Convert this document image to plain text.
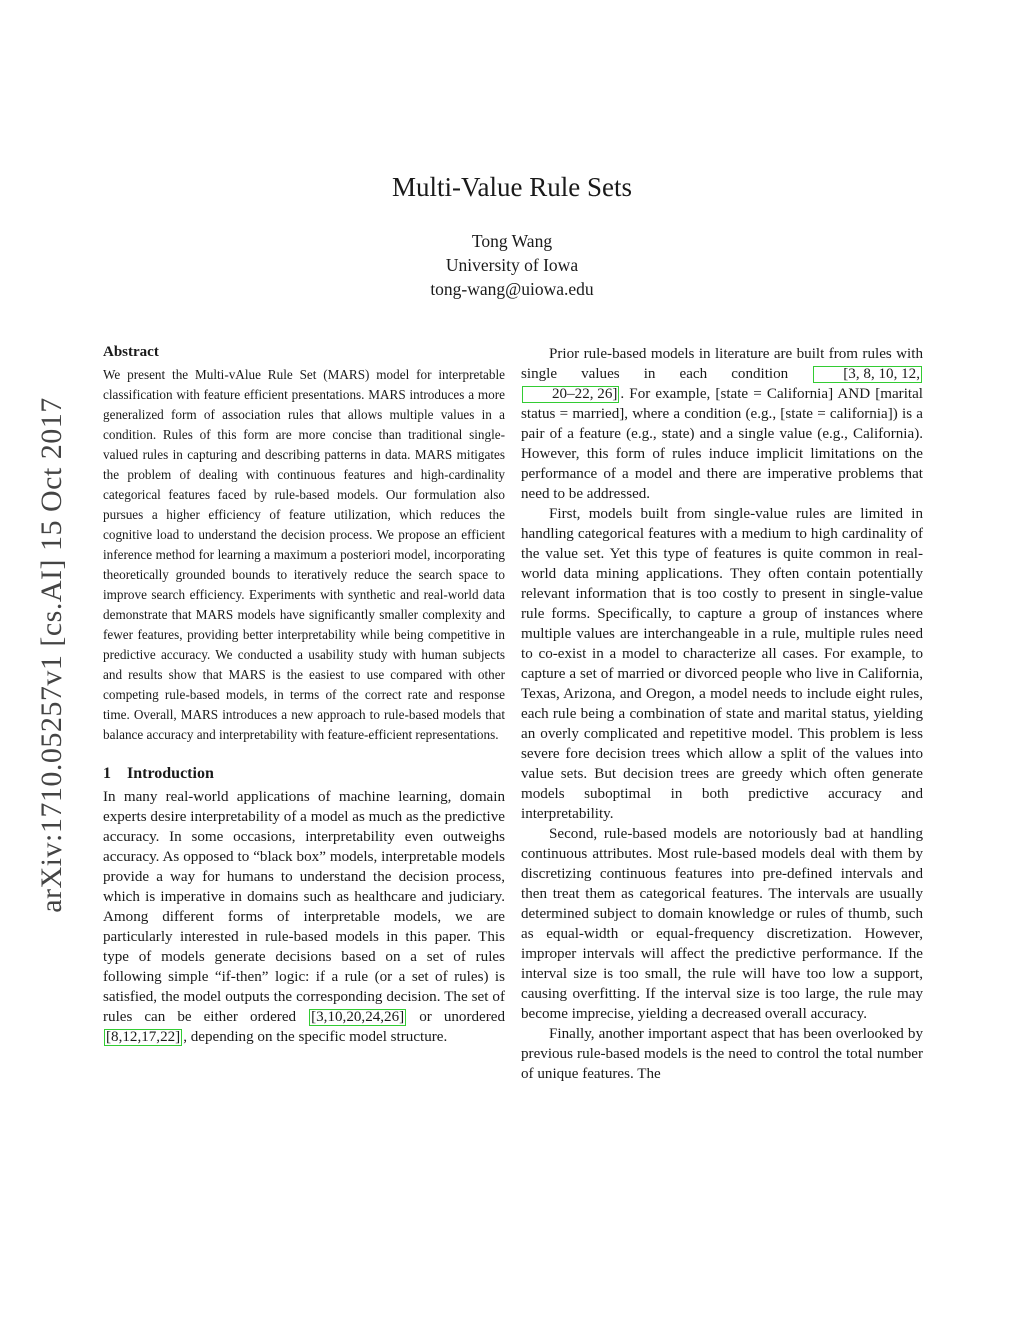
arXiv:1710.05257v1 [cs.AI] 15 Oct 2017
Multi-Value Rule Sets
Tong Wang
University of Iowa
tong-wang@uiowa.edu
Abstract

We present the Multi-vAlue Rule Set (MARS) model for interpretable classification with feature efficient presentations. MARS introduces a more generalized form of association rules that allows multiple values in a condition. Rules of this form are more concise than traditional single-valued rules in capturing and describing patterns in data. MARS mitigates the problem of dealing with continuous features and high-cardinality categorical features faced by rule-based models. Our formulation also pursues a higher efficiency of feature utilization, which reduces the cognitive load to understand the decision process. We propose an efficient inference method for learning a maximum a posteriori model, incorporating theoretically grounded bounds to iteratively reduce the search space to improve search efficiency. Experiments with synthetic and real-world data demonstrate that MARS models have significantly smaller complexity and fewer features, providing better interpretability while being competitive in predictive accuracy. We conducted a usability study with human subjects and results show that MARS is the easiest to use compared with other competing rule-based models, in terms of the correct rate and response time. Overall, MARS introduces a new approach to rule-based models that balance accuracy and interpretability with feature-efficient representations.

1 Introduction

In many real-world applications of machine learning, domain experts desire interpretability of a model as much as the predictive accuracy. In some occasions, interpretability even outweighs accuracy. As opposed to “black box” models, interpretable models provide a way for humans to understand the decision process, which is imperative in domains such as healthcare and judiciary. Among different forms of interpretable models, we are particularly interested in rule-based models in this paper. This type of models generate decisions based on a set of rules following simple “if-then” logic: if a rule (or a set of rules) is satisfied, the model outputs the corresponding decision. The set of rules can be either ordered [3,10,20,24,26] or unordered [8,12,17,22] , depending on the specific model structure.

Prior rule-based models in literature are built from rules with single values in each condition	[3, 8, 10, 12, 20–22, 26] . For example, [state = California] AND [marital status = married], where a condition (e.g., [state = california]) is a pair of a feature (e.g., state) and a single value (e.g., California). However, this form of rules induce implicit limitations on the performance of a model and there are imperative problems that need to be addressed.

First, models built from single-value rules are limited in handling categorical features with a medium to high cardinality of the value set. Yet this type of features is quite common in real-world data mining applications. They often contain potentially relevant information that is too costly to present in single-value rule forms. Specifically, to capture a group of instances where multiple values are interchangeable in a rule, multiple rules need to co-exist in a model to characterize all cases. For example, to capture a set of married or divorced people who live in California, Texas, Arizona, and Oregon, a model needs to include eight rules, each rule being a combination of state and marital status, yielding an overly complicated and repetitive model. This problem is less severe fore decision trees which allow a split of the values into value sets. But decision trees are greedy which often generate models suboptimal in both predictive accuracy and interpretability.

Second, rule-based models are notoriously bad at handling continuous attributes. Most rule-based models deal with them by discretizing continuous features into pre-defined intervals and then treat them as categorical features. The intervals are usually determined subject to domain knowledge or rules of thumb, such as equal-width or equal-frequency discretization. However, improper intervals will affect the predictive performance. If the interval size is too small, the rule will have too low a support, causing overfitting. If the interval size is too large, the rule may become imprecise, yielding a decreased overall accuracy.

Finally, another important aspect that has been overlooked by previous rule-based models is the need to control the total number of unique features. The
